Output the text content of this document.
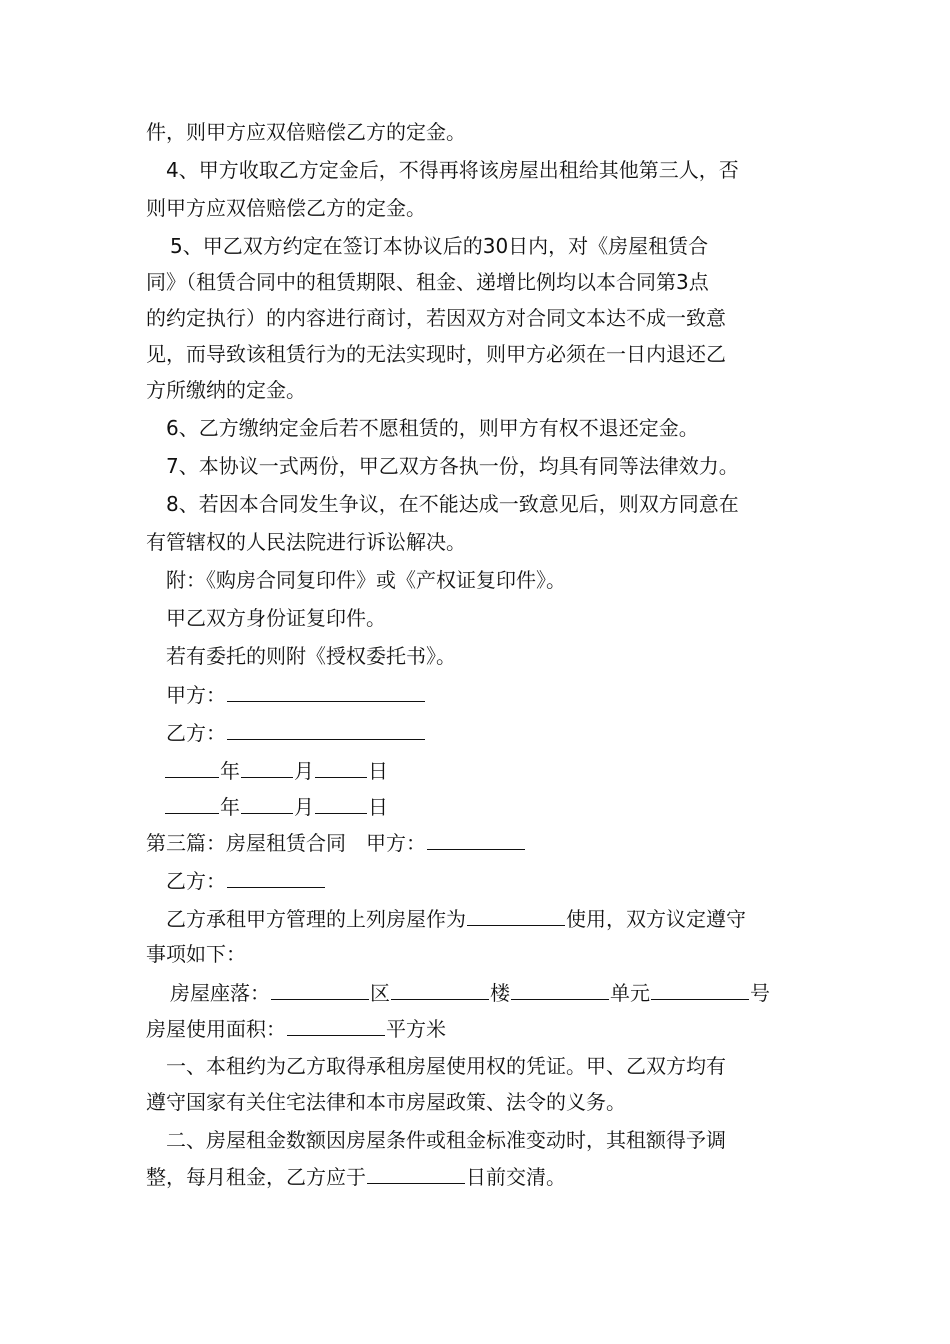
件，则甲方应双倍赔偿乙方的定金。
4、甲方收取乙方定金后，不得再将该房屋出租给其他第三人，否
则甲方应双倍赔偿乙方的定金。
5、甲乙双方约定在签订本协议后的30日内，对《房屋租赁合
同》（租赁合同中的租赁期限、租金、递增比例均以本合同第3点
的约定执行）的内容进行商讨，若因双方对合同文本达不成一致意
见，而导致该租赁行为的无法实现时，则甲方必须在一日内退还乙
方所缴纳的定金。
6、乙方缴纳定金后若不愿租赁的，则甲方有权不退还定金。
7、本协议一式两份，甲乙双方各执一份，均具有同等法律效力。
8、若因本合同发生争议，在不能达成一致意见后，则双方同意在
有管辖权的人民法院进行诉讼解决。
附：《购房合同复印件》或《产权证复印件》。
甲乙双方身份证复印件。
若有委托的则附《授权委托书》。
甲方：
乙方：
年	月	日
年	月	日
第三篇：房屋租赁合同 甲方：
乙方：
乙方承租甲方管理的上列房屋作为	使用，双方议定遵守
事项如下：
房屋座落：	区	楼	单元	号
房屋使用面积：	平方米
一、本租约为乙方取得承租房屋使用权的凭证。甲、乙双方均有
遵守国家有关住宅法律和本市房屋政策、法令的义务。
二、房屋租金数额因房屋条件或租金标准变动时，其租额得予调
整，每月租金，乙方应于	日前交清。
